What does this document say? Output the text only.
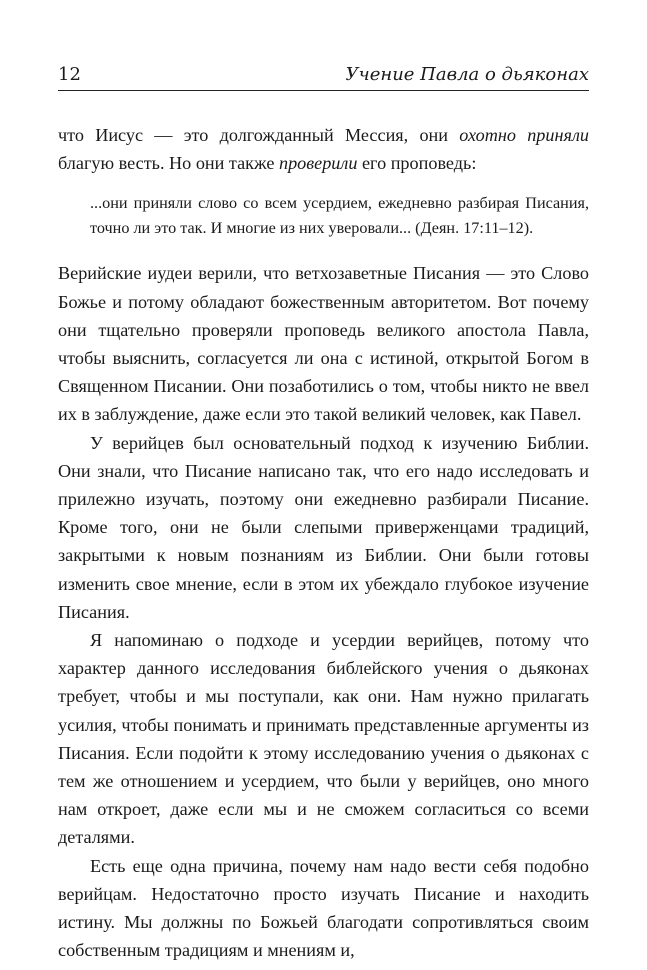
12	Учение Павла о дьяконах

что Иисус — это долгожданный Мессия, они охотно приняли благую весть. Но они также проверили его проповедь:

...они приняли слово со всем усердием, ежедневно разбирая Писания, точно ли это так. И многие из них уверовали... (Деян. 17:11–12).

Верийские иудеи верили, что ветхозаветные Писания — это Слово Божье и потому обладают божественным авторитетом. Вот почему они тщательно проверяли проповедь великого апостола Павла, чтобы выяснить, согласуется ли она с истиной, открытой Богом в Священном Писании. Они позаботились о том, чтобы никто не ввел их в заблуждение, даже если это такой великий человек, как Павел.

У верийцев был основательный подход к изучению Библии. Они знали, что Писание написано так, что его надо исследовать и прилежно изучать, поэтому они ежедневно разбирали Писание. Кроме того, они не были слепыми приверженцами традиций, закрытыми к новым познаниям из Библии. Они были готовы изменить свое мнение, если в этом их убеждало глубокое изучение Писания.

Я напоминаю о подходе и усердии верийцев, потому что характер данного исследования библейского учения о дьяконах требует, чтобы и мы поступали, как они. Нам нужно прилагать усилия, чтобы понимать и принимать представленные аргументы из Писания. Если подойти к этому исследованию учения о дьяконах с тем же отношением и усердием, что были у верийцев, оно много нам откроет, даже если мы и не сможем согласиться со всеми деталями.

Есть еще одна причина, почему нам надо вести себя подобно верийцам. Недостаточно просто изучать Писание и находить истину. Мы должны по Божьей благодати сопротивляться своим собственным традициям и мнениям и,
